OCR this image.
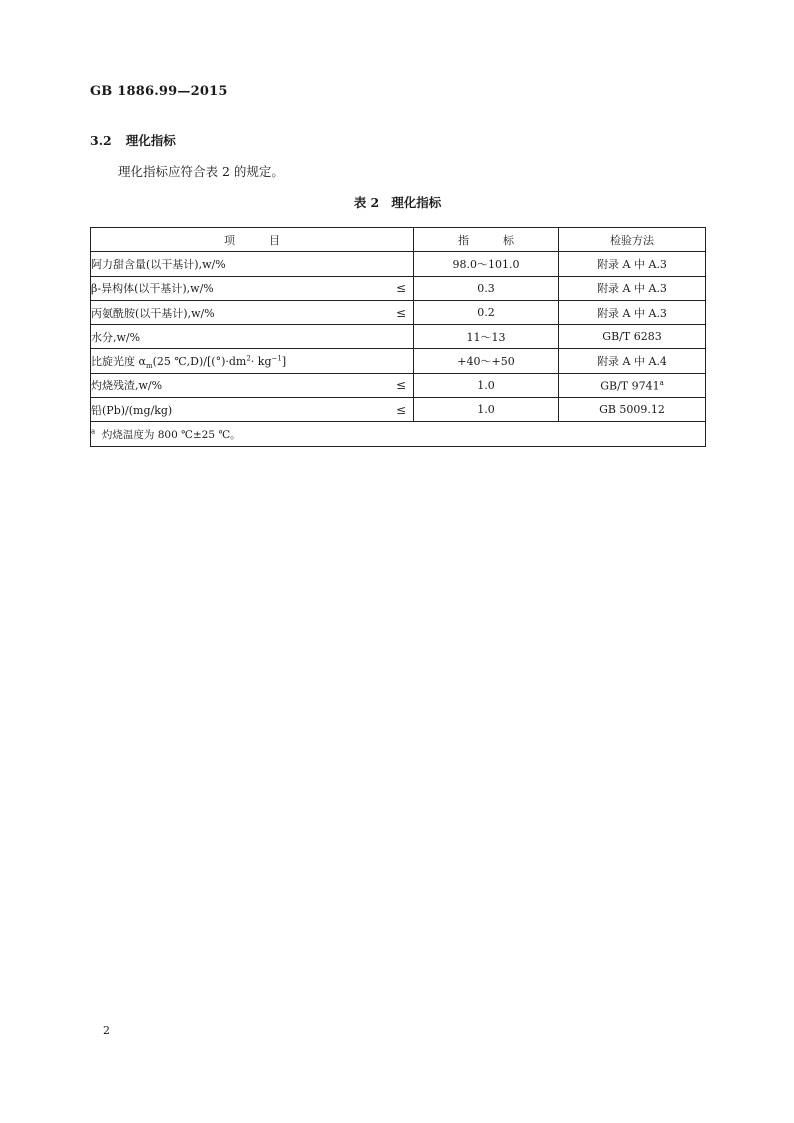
GB 1886.99—2015
3.2 理化指标
理化指标应符合表 2 的规定。
表 2 理化指标
项 目	指 标	检验方法
阿力甜含量(以干基计),w/%	98.0～101.0	附录 A 中 A.3
β-异构体(以干基计),w/% ≤	0.3	附录 A 中 A.3
丙氨酰胺(以干基计),w/% ≤	0.2	附录 A 中 A.3
水分,w/%	11～13	GB/T 6283
比旋光度 $\alpha_m(25$ $℃,D)/[(^\circ)\cdot dm^2\cdot kg^{-1}]$	+40～+50	附录 A 中 A.4
灼烧残渣,w/% ≤	1.0	GB/T 9741$^a$
铅(Pb)/(mg/kg) ≤	1.0	GB 5009.12
$^a$ 灼烧温度为 800 ℃±25 ℃。		
2
